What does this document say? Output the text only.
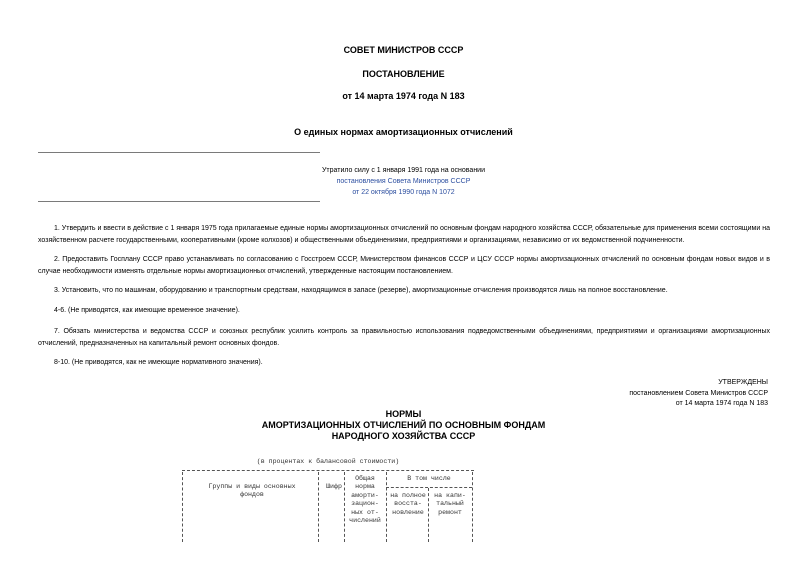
СОВЕТ МИНИСТРОВ СССР
ПОСТАНОВЛЕНИЕ
от 14 марта 1974 года N 183
О единых нормах амортизационных отчислений
Утратило силу с 1 января 1991 года на основании
постановления Совета Министров СССР
от 22 октября 1990 года N 1072
1. Утвердить и ввести в действие с 1 января 1975 года прилагаемые единые нормы амортизационных отчислений по основным фондам народного хозяйства СССР, обязательные для применения всеми состоящими на хозяйственном расчете государственными, кооперативными (кроме колхозов) и общественными объединениями, предприятиями и организациями, независимо от их ведомственной подчиненности.
2. Предоставить Госплану СССР право устанавливать по согласованию с Госстроем СССР, Министерством финансов СССР и ЦСУ СССР нормы амортизационных отчислений по основным фондам новых видов и в случае необходимости изменять отдельные нормы амортизационных отчислений, утвержденные настоящим постановлением.
3. Установить, что по машинам, оборудованию и транспортным средствам, находящимся в запасе (резерве), амортизационные отчисления производятся лишь на полное восстановление.
4-6. (Не приводятся, как имеющие временное значение).
7. Обязать министерства и ведомства СССР и союзных республик усилить контроль за правильностью использования подведомственными объединениями, предприятиями и организациями амортизационных отчислений, предназначенных на капитальный ремонт основных фондов.
8-10. (Не приводятся, как не имеющие нормативного значения).
УТВЕРЖДЕНЫ
постановлением Совета Министров СССР
от 14 марта 1974 года N 183
НОРМЫ
АМОРТИЗАЦИОННЫХ ОТЧИСЛЕНИЙ ПО ОСНОВНЫМ ФОНДАМ
НАРОДНОГО ХОЗЯЙСТВА СССР
(в процентах к балансовой стоимости)
Группы и виды основных
фондов
Шифр
Общая
норма
аморти-
зацион-
ных от-
числений
В том числе
на полное
восста-
новление
на капи-
тальный
ремонт
